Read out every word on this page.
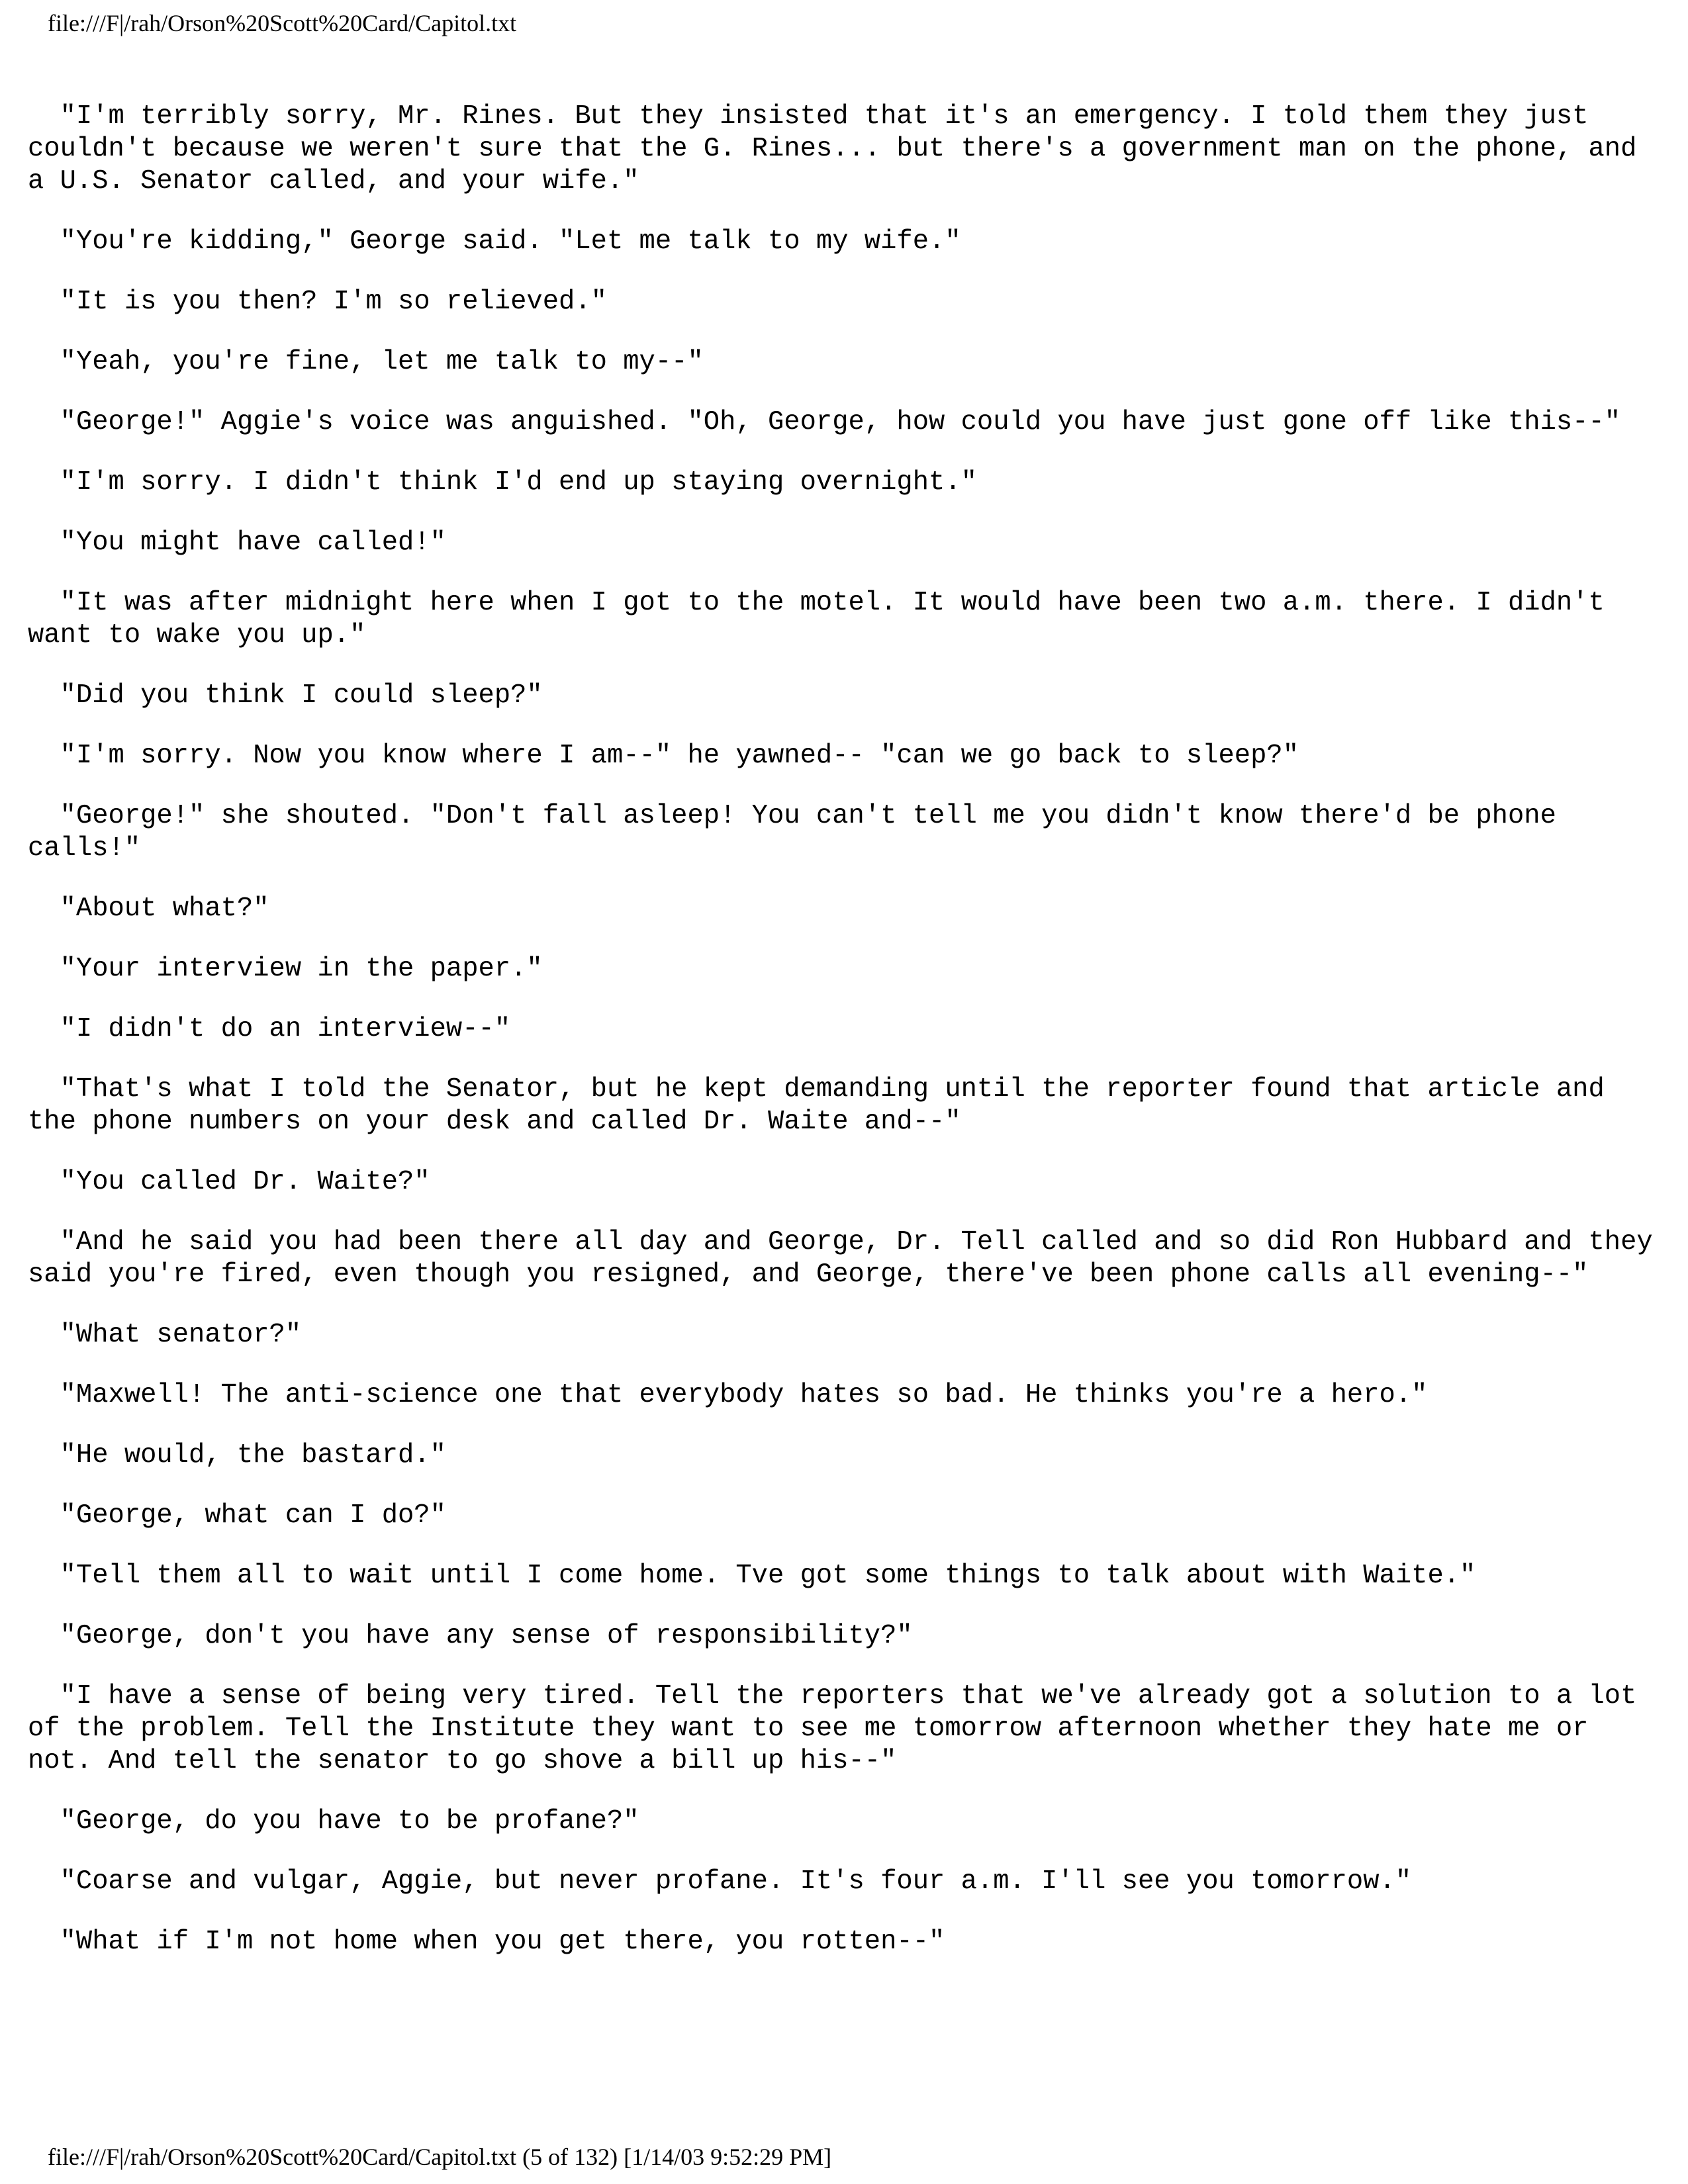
file:///F|/rah/Orson%20Scott%20Card/Capitol.txt

"I'm terribly sorry, Mr. Rines. But they insisted that it's an emergency. I told them they just couldn't because we weren't sure that the G. Rines... but there's a government man on the phone, and a U.S. Senator called, and your wife."

"You're kidding," George said. "Let me talk to my wife."

"It is you then? I'm so relieved."

"Yeah, you're fine, let me talk to my--"

"George!" Aggie's voice was anguished. "Oh, George, how could you have just gone off like this--"

"I'm sorry. I didn't think I'd end up staying overnight."

"You might have called!"

"It was after midnight here when I got to the motel. It would have been two a.m. there. I didn't want to wake you up."

"Did you think I could sleep?"

"I'm sorry. Now you know where I am--" he yawned-- "can we go back to sleep?"

"George!" she shouted. "Don't fall asleep! You can't tell me you didn't know there'd be phone calls!"

"About what?"

"Your interview in the paper."

"I didn't do an interview--"

"That's what I told the Senator, but he kept demanding until the reporter found that article and the phone numbers on your desk and called Dr. Waite and--"

"You called Dr. Waite?"

"And he said you had been there all day and George, Dr. Tell called and so did Ron Hubbard and they said you're fired, even though you resigned, and George, there've been phone calls all evening--"

"What senator?"

"Maxwell! The anti-science one that everybody hates so bad. He thinks you're a hero."

"He would, the bastard."

"George, what can I do?"

"Tell them all to wait until I come home. Tve got some things to talk about with Waite."

"George, don't you have any sense of responsibility?"

"I have a sense of being very tired. Tell the reporters that we've already got a solution to a lot of the problem. Tell the Institute they want to see me tomorrow afternoon whether they hate me or not. And tell the senator to go shove a bill up his--"

"George, do you have to be profane?"

"Coarse and vulgar, Aggie, but never profane. It's four a.m. I'll see you tomorrow."

"What if I'm not home when you get there, you rotten--"

file:///F|/rah/Orson%20Scott%20Card/Capitol.txt (5 of 132) [1/14/03 9:52:29 PM]
